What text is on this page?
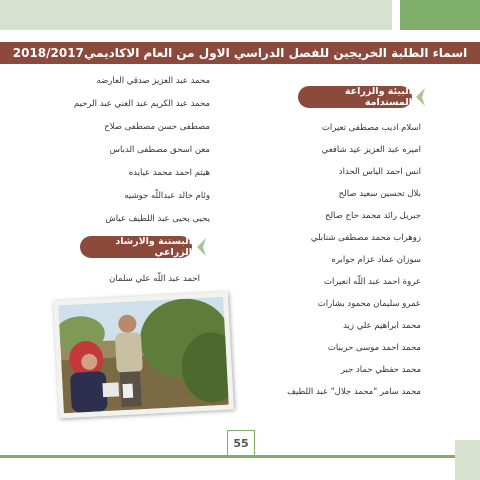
اسماء الطلبة الخريجين للفصل الدراسي الاول من العام الاكاديمي2018/2017
البيئة والزراعة المستدامة
اسلام اديب مصطفى تعيرات
اميره عبد العزيز عيد شافعي
انس احمد الياس الحداد
بلال تحسين سعيد صالح
جبريل رائد محمد حاج صالح
زوهراب محمد مصطفى شنابلي
سوزان عماد عزام جوابره
عروة احمد عبد اللّه انعيرات
عمرو سليمان محمود بشارات
محمد ابراهيم علي زيد
محمد احمد موسى حريبات
محمد حفظي حماد جبر
محمد سامر "محمد جلال" عبد اللطيف
محمد عبد العزيز صدقي العارضه
محمد عبد الكريم عبد الغني عبد الرحيم
مصطفى حسن مصطفى صلاح
معن اسحق مصطفى الدباس
هيثم احمد محمد عيايده
وئام خالد عبداللّه جوشيه
يحيى يحيى عبد اللطيف عياش
البستنة والارشاد الزراعي
احمد عبد اللّه علي سلمان
55
